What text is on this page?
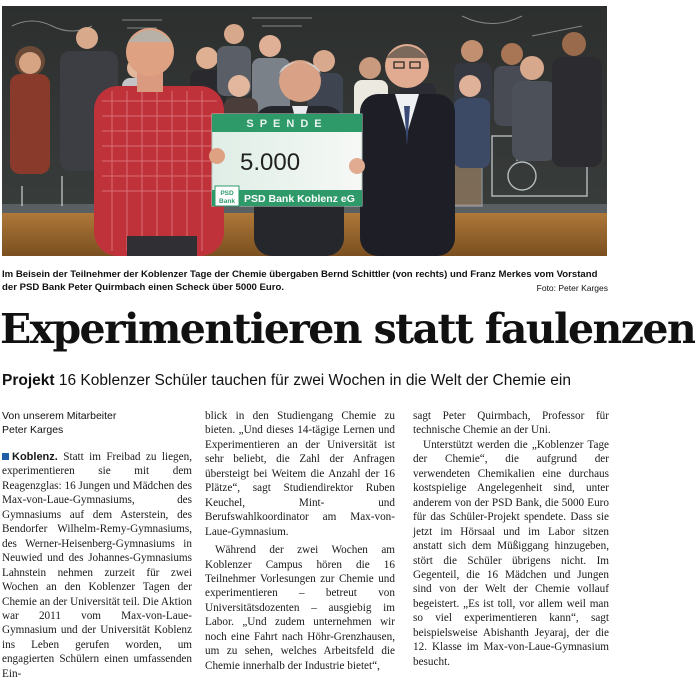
SPENDE
5.000
PSD
Bank PSD Bank Koblenz eG
Im Beisein der Teilnehmer der Koblenzer Tage der Chemie übergaben Bernd Schittler (von rechts) und Franz Merkes vom Vorstand der PSD Bank Peter Quirmbach einen Scheck über 5000 Euro.	Foto: Peter Karges
Experimentieren statt faulenzen

Projekt 16 Koblenzer Schüler tauchen für zwei Wochen in die Welt der Chemie ein

Von unserem Mitarbeiter
Peter Karges

Koblenz. Statt im Freibad zu liegen, experimentieren sie mit dem Reagenzglas: 16 Jungen und Mädchen des Max-von-Laue-Gymnasiums, des Gymnasiums auf dem Asterstein, des Bendorfer Wilhelm-Remy-Gymnasiums, des Werner-Heisenberg-Gymnasiums in Neuwied und des Johannes-Gymnasiums Lahnstein nehmen zurzeit für zwei Wochen an den Koblenzer Tagen der Chemie an der Universität teil. Die Aktion war 2011 vom Max-von-Laue-Gymnasium und der Universität Koblenz ins Leben gerufen worden, um engagierten Schülern einen umfassenden Ein-

blick in den Studiengang Chemie zu bieten. „Und dieses 14-tägige Lernen und Experimentieren an der Universität ist sehr beliebt, die Zahl der Anfragen übersteigt bei Weitem die Anzahl der 16 Plätze“, sagt Studiendirektor Ruben Keuchel, Mint- und Berufswahlkoordinator am Max-von-Laue-Gymnasium.

Während der zwei Wochen am Koblenzer Campus hören die 16 Teilnehmer Vorlesungen zur Chemie und experimentieren – betreut von Universitätsdozenten – ausgiebig im Labor. „Und zudem unternehmen wir noch eine Fahrt nach Höhr-Grenzhausen, um zu sehen, welches Arbeitsfeld die Chemie innerhalb der Industrie bietet“,

sagt Peter Quirmbach, Professor für technische Chemie an der Uni.

Unterstützt werden die „Koblenzer Tage der Chemie“, die aufgrund der verwendeten Chemikalien eine durchaus kostspielige Angelegenheit sind, unter anderem von der PSD Bank, die 5000 Euro für das Schüler-Projekt spendete. Dass sie jetzt im Hörsaal und im Labor sitzen anstatt sich dem Müßiggang hinzugeben, stört die Schüler übrigens nicht. Im Gegenteil, die 16 Mädchen und Jungen sind von der Welt der Chemie vollauf begeistert. „Es ist toll, vor allem weil man so viel experimentieren kann“, sagt beispielsweise Abishanth Jeyaraj, der die 12. Klasse im Max-von-Laue-Gymnasium besucht.
